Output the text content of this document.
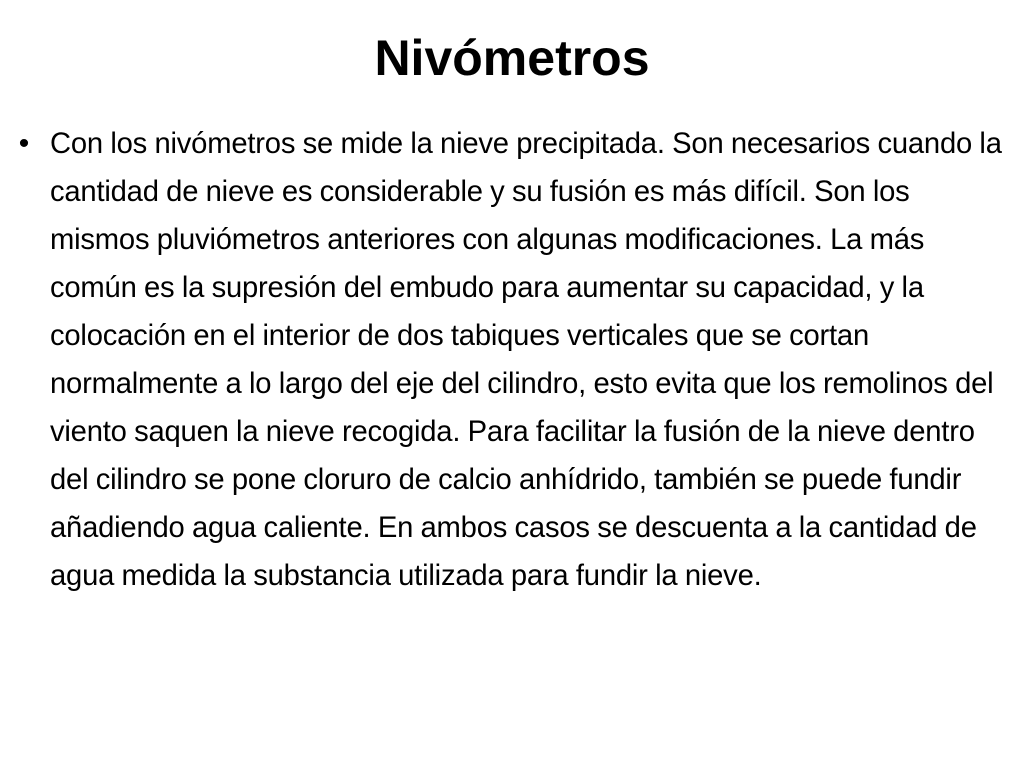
Nivómetros
• Con los nivómetros se mide la nieve precipitada. Son necesarios cuando la cantidad de nieve es considerable y su fusión es más difícil. Son los mismos pluviómetros anteriores con algunas modificaciones. La más común es la supresión del embudo para aumentar su capacidad, y la colocación en el interior de dos tabiques verticales que se cortan normalmente a lo largo del eje del cilindro, esto evita que los remolinos del viento saquen la nieve recogida. Para facilitar la fusión de la nieve dentro del cilindro se pone cloruro de calcio anhídrido, también se puede fundir añadiendo agua caliente. En ambos casos se descuenta a la cantidad de agua medida la substancia utilizada para fundir la nieve.
